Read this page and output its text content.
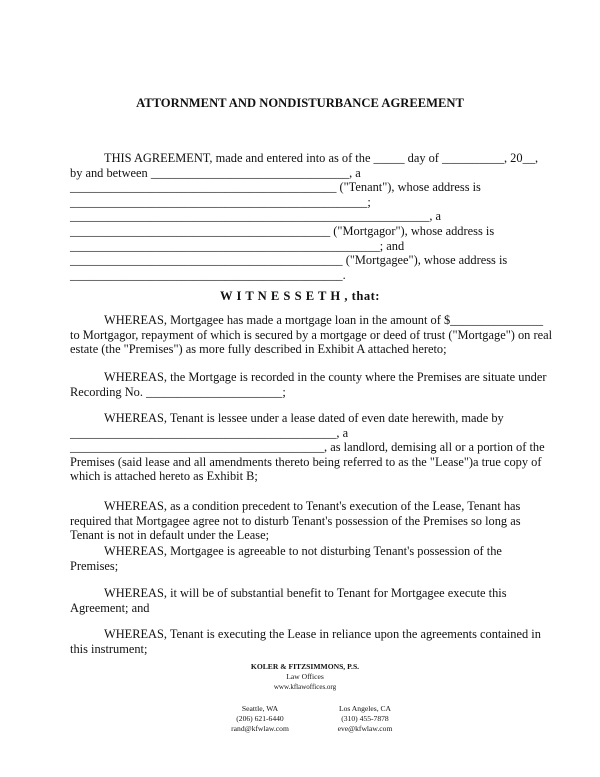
ATTORNMENT AND NONDISTURBANCE AGREEMENT
THIS AGREEMENT, made and entered into as of the _____ day of __________, 20__,
by and between ________________________________, a
___________________________________________ ("Tenant"), whose address is
________________________________________________;
__________________________________________________________, a
__________________________________________ ("Mortgagor"), whose address is
__________________________________________________; and
____________________________________________ ("Mortgagee"), whose address is
____________________________________________.
W I T N E S S E T H , that:
WHEREAS, Mortgagee has made a mortgage loan in the amount of $_______________
to Mortgagor, repayment of which is secured by a mortgage or deed of trust ("Mortgage") on real
estate (the "Premises") as more fully described in Exhibit A attached hereto;
WHEREAS, the Mortgage is recorded in the county where the Premises are situate under
Recording No. ______________________;
WHEREAS, Tenant is lessee under a lease dated of even date herewith, made by
___________________________________________, a
_________________________________________, as landlord, demising all or a portion of the
Premises (said lease and all amendments thereto being referred to as the "Lease")a true copy of
which is attached hereto as Exhibit B;
WHEREAS, as a condition precedent to Tenant's execution of the Lease, Tenant has
required that Mortgagee agree not to disturb Tenant's possession of the Premises so long as
Tenant is not in default under the Lease;
WHEREAS, Mortgagee is agreeable to not disturbing Tenant's possession of the
Premises;
WHEREAS, it will be of substantial benefit to Tenant for Mortgagee execute this
Agreement; and
WHEREAS, Tenant is executing the Lease in reliance upon the agreements contained in
this instrument;
KOLER & FITZSIMMONS, P.S.
Law Offices
www.kflawoffices.org
Seattle, WA
(206) 621-6440
rand@kfwlaw.com
Los Angeles, CA
(310) 455-7878
eve@kfwlaw.com
